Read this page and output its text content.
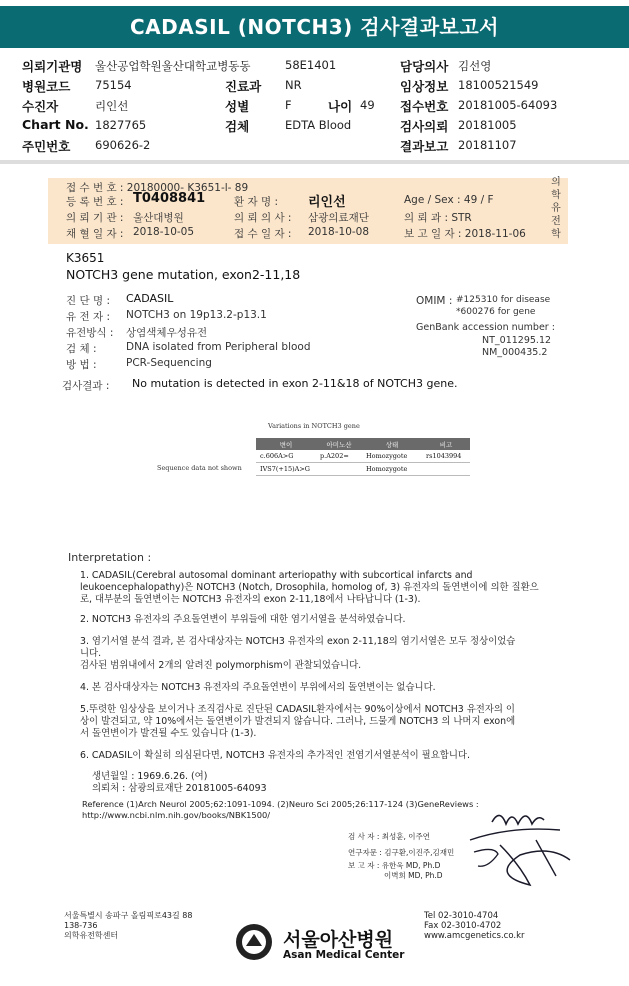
CADASIL (NOTCH3) 검사결과보고서
의뢰기관명 울산공업학원울산대학교병동동	58E1401	담당의사 김선영
병원코드 75154	진료과 NR	임상정보 18100521549
수진자	리인선	성별	F	나이 49 접수번호 20181005-64093
Chart No. 1827765	검체	EDTA Blood	검사의뢰 20181005
주민번호 690626-2	결과보고 20181107
접 수 번 호 : 20180000- K3651-l- 89
등 록 번 호 : T0408841	환 자 명 : 리인선	Age / Sex : 49 / F
의 뢰 기 관 : 울산대병원	의 뢰 의 사 : 삼광의료재단	의 뢰 과 : STR
채 혈 일 자 : 2018-10-05	접 수 일 자 : 2018-10-08	보 고 일 자 : 2018-11-06
의
학
유
전
학
K3651
NOTCH3 gene mutation, exon2-11,18
진 단 명 : CADASIL
유 전 자 : NOTCH3 on 19p13.2-p13.1
유전방식 : 상염색체우성유전
검 체 :	DNA isolated from Peripheral blood
방 법 :	PCR-Sequencing
OMIM : #125310 for disease
*600276 for gene
GenBank accession number :
NT_011295.12
NM_000435.2
검사결과 : No mutation is detected in exon 2-11&18 of NOTCH3 gene.
Variations in NOTCH3 gene
Sequence data not shown
변이	아미노산	상태	비고
c.606A>G	p.A202=	Homozygote	rs1043994
IVS7(+15)A>G		Homozygote	
Interpretation :
1. CADASIL(Cerebral autosomal dominant arteriopathy with subcortical infarcts and
leukoencephalopathy)은 NOTCH3 (Notch, Drosophila, homolog of, 3) 유전자의 돌연변이에 의한 질환으
로, 대부분의 돌연변이는 NOTCH3 유전자의 exon 2-11,18에서 나타납니다 (1-3).
2. NOTCH3 유전자의 주요돌연변이 부위들에 대한 염기서열을 분석하였습니다.
3. 염기서열 분석 결과, 본 검사대상자는 NOTCH3 유전자의 exon 2-11,18의 염기서열은 모두 정상이었습
니다.
검사된 범위내에서 2개의 알려진 polymorphism이 관찰되었습니다.
4. 본 검사대상자는 NOTCH3 유전자의 주요돌연변이 부위에서의 돌연변이는 없습니다.
5.뚜렷한 임상상을 보이거나 조직검사로 진단된 CADASIL환자에서는 90%이상에서 NOTCH3 유전자의 이
상이 발견되고, 약 10%에서는 돌연변이가 발견되지 않습니다. 그러나, 드물게 NOTCH3 의 나머지 exon에
서 돌연변이가 발견될 수도 있습니다 (1-3).
6. CADASIL이 확실히 의심된다면, NOTCH3 유전자의 추가적인 전염기서열분석이 필요합니다.
생년월일 : 1969.6.26. (여)
의뢰처 : 삼광의료재단 20181005-64093
Reference (1)Arch Neurol 2005;62:1091-1094. (2)Neuro Sci 2005;26:117-124 (3)GeneReviews :
http://www.ncbi.nlm.nih.gov/books/NBK1500/
검 사 자 : 최성훈, 이주연
연구자문 : 김구환,이진주,김재민
보 고 자 : 유한욱 MD, Ph.D
이벽희 MD, Ph.D
서울특별시 송파구 올림픽로43길 88
138-736
의학유전학센터	서울아산병원
Asan Medical Center
Tel 02-3010-4704
Fax 02-3010-4702
www.amcgenetics.co.kr
